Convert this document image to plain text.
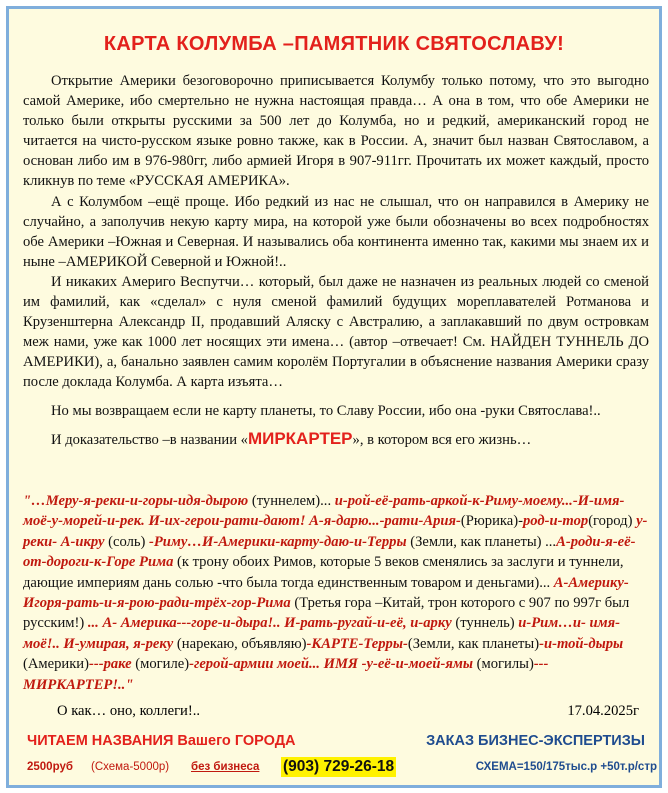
КАРТА КОЛУМБА –ПАМЯТНИК СВЯТОСЛАВУ!

Открытие Америки безоговорочно приписывается Колумбу только потому, что это выгодно самой Америке, ибо смертельно не нужна настоящая правда… А она в том, что обе Америки не только были открыты русскими за 500 лет до Колумба, но и редкий, американский город не читается на чисто-русском языке ровно также, как в России. А, значит был назван Святославом, а основан либо им в 976-980гг, либо армией Игоря в 907-911гг. Прочитать их может каждый, просто кликнув по теме «РУССКАЯ АМЕРИКА».

А с Колумбом –ещё проще. Ибо редкий из нас не слышал, что он направился в Америку не случайно, а заполучив некую карту мира, на которой уже были обозначены во всех подробностях обе Америки –Южная и Северная. И назывались оба континента именно так, какими мы знаем их и ныне –АМЕРИКОЙ Северной и Южной!..

И никаких Америго Веспутчи… который, был даже не назначен из реальных людей со сменой им фамилий, как «сделал» с нуля сменой фамилий будущих мореплавателей Ротманова и Крузенштерна Александр II, продавший Аляску с Австралию, а заплакавший по двум островкам меж нами, уже как 1000 лет носящих эти имена… (автор –отвечает! См. НАЙДЕН ТУННЕЛЬ ДО АМЕРИКИ), а, банально заявлен самим королём Португалии в объяснение названия Америки сразу после доклада Колумба. А карта изъята…

Но мы возвращаем если не карту планеты, то Славу России, ибо она -руки Святослава!..

И доказательство –в названии «МИРКАРТЕР», в котором вся его жизнь…

"…Меру-я-реки-и-горы-идя-дырою (туннелем)... и-рой-её-рать-аркой-к-Риму-моему...-И-имя-моё-у-морей-и-рек. И-их-герои-рати-дают! А-я-дарю...-рати-Ария-(Рюрика)-род-и-тор(город) у-реки- А-икру (соль) -Риму…И-Америки-карту-даю-и-Терры (Земли, как планеты) ...А-роди-я-её-от-дороги-к-Горе Рима (к трону обоих Римов, которые 5 веков сменялись за заслуги и туннели, дающие империям дань солью -что была тогда единственным товаром и деньгами)... А-Америку-Игоря-рать-и-я-рою-ради-трёх-гор-Рима (Третья гора –Китай, трон которого с 907 по 997г был русским!) ... А- Америка---горе-и-дыра!.. И-рать-ругай-и-её, и-арку (туннель) и-Рим…и- имя-моё!.. И-умирая, я-реку (нарекаю, объявляю)-КАРТЕ-Терры-(Земли, как планеты)-и-той-дыры (Америки)---раке (могиле)-герой-армии моей... ИМЯ -у-её-и-моей-ямы (могилы)--- МИРКАРТЕР!.."
О как… оно, коллеги!..	17.04.2025г
ЧИТАЕМ НАЗВАНИЯ Вашего ГОРОДА	ЗАКАЗ БИЗНЕС-ЭКСПЕРТИЗЫ
2500руб (Схема-5000р) без бизнеса (903) 729-26-18	СХЕМА=150/175тыс.р +50т.р/стр
